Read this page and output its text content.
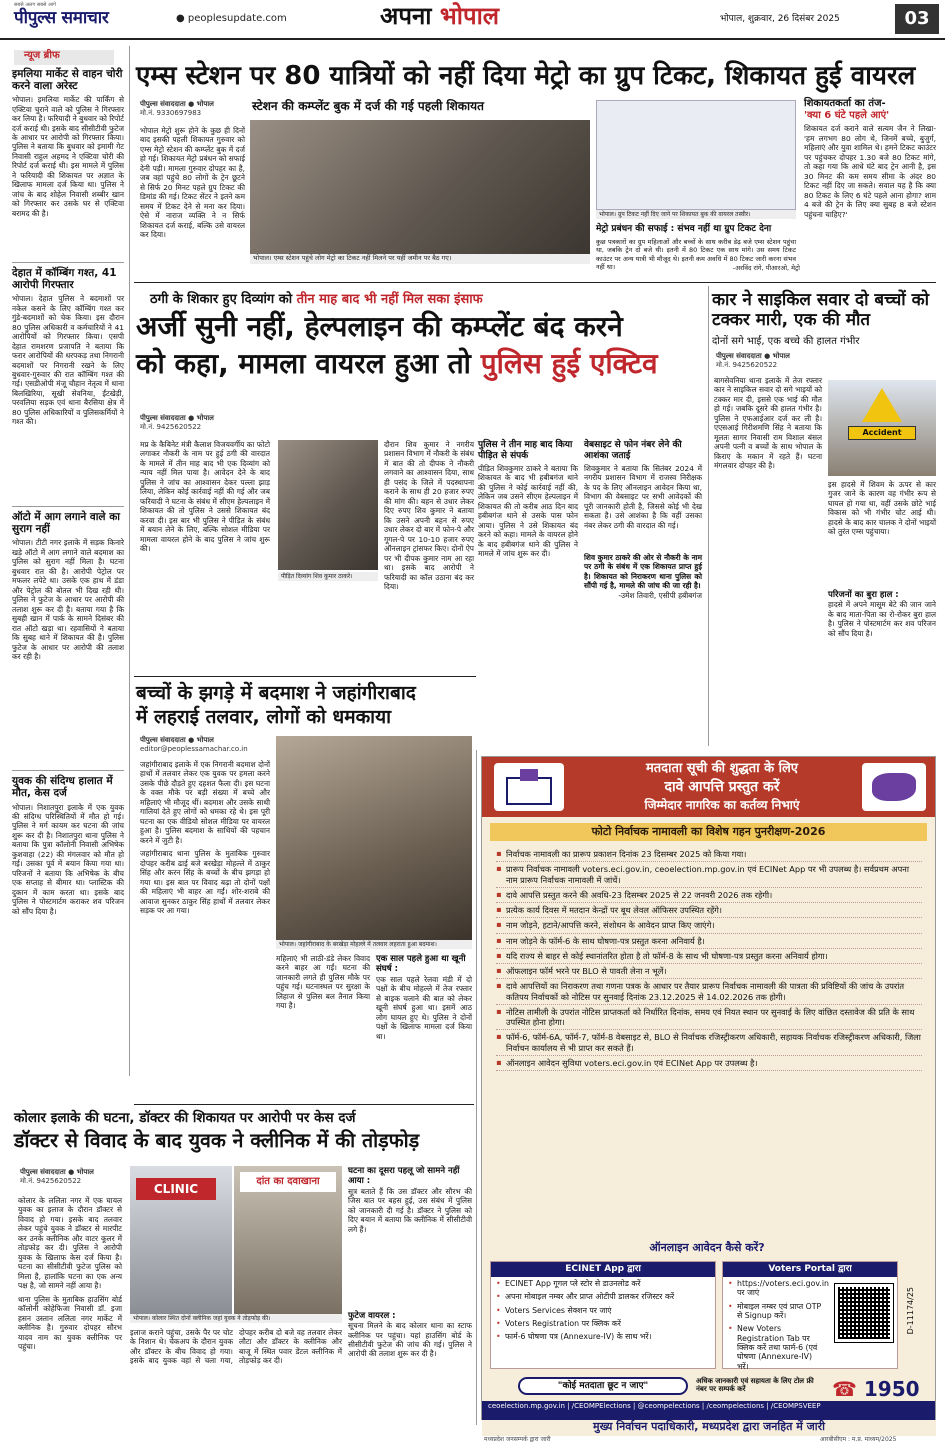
सबसे अलग सबसे आगे
पीपुल्स समाचार	● peoplesupdate.com	अपना भोपाल	भोपाल, शुक्रवार, 26 दिसंबर 2025	03
न्यूज ब्रीफ
इमलिया मार्केट से वाहन चोरी करने वाला अरेस्ट
भोपाल। इमलिया मार्केट की पार्किंग से एक्टिवा चुराने वाले को पुलिस ने गिरफ्तार कर लिया है। फरियादी ने बुधवार को रिपोर्ट दर्ज कराई थी। इसके बाद सीसीटीवी फुटेज के आधार पर आरोपी को गिरफ्तार किया। पुलिस ने बताया कि बुधवार को इमामी गेट निवासी राहुल अहमद ने एक्टिवा चोरी की रिपोर्ट दर्ज कराई थी। इस मामले में पुलिस ने फरियादी की शिकायत पर अज्ञात के खिलाफ मामला दर्ज किया था। पुलिस ने जांच के बाद शोहेल निवासी शब्बीर खान को गिरफ्तार कर उसके घर से एक्टिवा बरामद की है।
देहात में कॉम्बिंग गश्त, 41 आरोपी गिरफ्तार
भोपाल। देहात पुलिस ने बदमाशों पर नकेल कसने के लिए कॉम्बिंग गश्त कर गुंडे-बदमाशों को चेक किया। इस दौरान 80 पुलिस अधिकारी व कर्मचारियों ने 41 आरोपियों को गिरफ्तार किया। एसपी देहात रामशरण प्रजापति ने बताया कि फरार आरोपियों की धरपकड़ तथा निगरानी बदमाशों पर निगरानी रखने के लिए बुधवार-गुरुवार की रात कॉम्बिंग गश्त की गई। एसडीओपी मंजू चौहान नेतृत्व में थाना बिलखिरिया, सूखी सेवनिया, ईंटखेड़ी, परवलिया सड़क एवं थाना बैरसिया क्षेत्र में 80 पुलिस अधिकारियों व पुलिसकर्मियों ने गश्त की।
ऑटो में आग लगाने वाले का सुराग नहीं
भोपाल। टीटी नगर इलाके में सड़क किनारे खड़े ऑटो में आग लगाने वाले बदमाश का पुलिस को सुराग नहीं मिला है। घटना बुधवार रात की है। आरोपी पेट्रोल पर मफलर लपेटे था। उसके एक हाथ में डंडा और पेट्रोल की बोतल भी दिख रही थी। पुलिस ने फुटेज के आधार पर आरोपी की तलाश शुरू कर दी है। बताया गया है कि सुबही खान में पार्क के सामने दिसंबर की रात ऑटो खड़ा था। रहवासियों ने बताया कि सुबह थाने में शिकायत की है। पुलिस फुटेज के आधार पर आरोपी की तलाश कर रही है।
युवक की संदिग्ध हालात में मौत, केस दर्ज
भोपाल। निशातपुरा इलाके में एक युवक की संदिग्ध परिस्थितियों में मौत हो गई। पुलिस ने मर्ग कायम कर घटना की जांच शुरू कर दी है। निशातपुरा थाना पुलिस ने बताया कि पुत्रा कॉलोनी निवासी अभिषेक कुशवाहा (22) की मंगलवार को मौत हो गई। उसका पूर्व में बयान किया गया था। परिजनों ने बताया कि अभिषेक के बीच एक सप्ताह से बीमार था। प्लास्टिक की दुकान में काम करता था। इसके बाद पुलिस ने पोस्टमार्टम कराकर शव परिजन को सौंप दिया है।
एम्स स्टेशन पर 80 यात्रियों को नहीं दिया मेट्रो का ग्रुप टिकट, शिकायत हुई वायरल
पीपुल्स संवाददाता ● भोपाल
मो.नं. 9330697983	स्टेशन की कम्प्लेंट बुक में दर्ज की गई पहली शिकायत
भोपाल मेट्रो शुरू होने के कुछ ही दिनों बाद इसकी पहली शिकायत गुरुवार को एम्स मेट्रो स्टेशन की कम्प्लेंट बुक में दर्ज हो गई। शिकायत मेट्रो प्रबंधन को सफाई देनी पड़ी। मामला गुरुवार दोपहर का है, जब वहां पहुंचे 80 लोगों के ट्रेन छूटने से सिर्फ 20 मिनट पहले ग्रुप टिकट की डिमांड की गई। टिकट सेंटर ने इतने कम समय में टिकट देने से मना कर दिया। ऐसे में नाराज व्यक्ति ने न सिर्फ शिकायत दर्ज कराई, बल्कि उसे वायरल कर दिया।
भोपाल। एम्स स्टेशन पहुंचे लोग मेट्रो का टिकट नहीं मिलने पर यहीं जमीन पर बैठ गए।
भोपाल। ग्रुप टिकट नहीं दिए जाने पर शिकायत बुक की वायरल तस्वीर।
मेट्रो प्रबंधन की सफाई : संभव नहीं था ग्रुप टिकट देना
कुछ पत्रकारों का ग्रुप महिलाओं और बच्चों के साथ करीब डेढ़ बजे एम्स स्टेशन पहुंचा था, जबकि ट्रेन दो बजे थी। इतनी में 80 टिकट एक साथ मांगे। उस समय टिकट काउंटर पर अन्य यात्री भी मौजूद थे। इतनी कम अवधि में 80 टिकट जारी करना संभव नहीं था।	-अरविंद रांगे, पीआरओ, मेट्रो
शिकायतकर्ता का तंज-
'क्या 6 घंटे पहले आएं'
शिकायत दर्ज कराने वाले सत्यम जैन ने लिखा- 'हम लगभग 80 लोग थे, जिनमें बच्चे, बुजुर्ग, महिलाएं और युवा शामिल थे। हमने टिकट काउंटर पर पहुंचकर दोपहर 1.30 बजे 80 टिकट मांगे, तो कहा गया कि आधे घंटे बाद ट्रेन आनी है, इस 30 मिनट की कम समय सीमा के अंदर 80 टिकट नहीं दिए जा सकते। सवाल यह है कि क्या 80 टिकट के लिए 6 घंटे पहले आना होगा? शाम 4 बजे की ट्रेन के लिए क्या सुबह 8 बजे स्टेशन पहुंचना चाहिए?'
ठगी के शिकार हुए दिव्यांग को तीन माह बाद भी नहीं मिल सका इंसाफ
अर्जी सुनी नहीं, हेल्पलाइन की कम्प्लेंट बंद करने
को कहा, मामला वायरल हुआ तो पुलिस हुई एक्टिव
पीपुल्स संवाददाता ● भोपाल
मो.नं. 9425620522
मप्र के कैबिनेट मंत्री कैलाश विजयवर्गीय का फोटो लगाकर नौकरी के नाम पर हुई ठगी की वारदात के मामले में तीन माह बाद भी एक दिव्यांग को न्याय नहीं मिल पाया है। आवेदन देने के बाद पुलिस ने जांच का आश्वासन देकर पल्ला झाड़ लिया, लेकिन कोई कार्रवाई नहीं की गई और जब फरियादी ने घटना के संबंध में सीएम हेल्पलाइन में शिकायत की तो पुलिस ने उससे शिकायत बंद करवा दी। इस बार भी पुलिस ने पीड़ित के संबंध में बयान लेने के लिए, बल्कि सोशल मीडिया पर मामला वायरल होने के बाद पुलिस ने जांच शुरू की।
पीड़ित दिव्यांग शिव कुमार ठाकरे।
दौरान शिव कुमार ने नगरीय प्रशासन विभाग में नौकरी के संबंध में बात की तो दीपक ने नौकरी लगवाने का आश्वासन दिया, साथ ही पसंद के जिले में पदस्थापना कराने के साथ ही 20 हजार रुपए की मांग की। बहन से उधार लेकर दिए रुपए शिव कुमार ने बताया कि उसने अपनी बहन से रुपए उधार लेकर दो बार में फोन-पे और गूगल-पे पर 10-10 हजार रुपए ऑनलाइन ट्रांसफर किए। दोनों ऐप पर भी दीपक कुमार नाम आ रहा था। इसके बाद आरोपी ने फरियादी का कॉल उठाना बंद कर दिया।
पुलिस ने तीन माह बाद किया पीड़ित से संपर्क
पीड़ित शिवकुमार ठाकरे ने बताया कि शिकायत के बाद भी हबीबगंज थाने की पुलिस ने कोई कार्रवाई नहीं की, लेकिन जब उसने सीएम हेल्पलाइन में शिकायत की तो करीब आठ दिन बाद हबीबगंज थाने से उसके पास फोन आया। पुलिस ने उसे शिकायत बंद करने को कहा। मामले के वायरल होने के बाद हबीबगंज थाने की पुलिस ने मामले में जांच शुरू कर दी।
वेबसाइट से फोन नंबर लेने की आशंका जताई
शिवकुमार ने बताया कि सितंबर 2024 में नगरीय प्रशासन विभाग में राजस्व निरीक्षक के पद के लिए ऑनलाइन आवेदन किया था, विभाग की वेबसाइट पर सभी आवेदकों की पूरी जानकारी होती है, जिससे कोई भी देख सकता है। उसे आशंका है कि वहीं उसका नंबर लेकर ठगी की वारदात की गई।
शिव कुमार ठाकरे की ओर से नौकरी के नाम पर ठगी के संबंध में एक शिकायत प्राप्त हुई है। शिकायत को निराकरण थाना पुलिस को सौंपी गई है, मामले की जांच की जा रही है।
-उमेश तिवारी, एसीपी हबीबगंज
कार ने साइकिल सवार दो बच्चों को टक्कर मारी, एक की मौत
दोनों सगे भाई, एक बच्चे की हालत गंभीर
पीपुल्स संवाददाता ● भोपाल
मो.नं. 9425620522
बागसेवनिया थाना इलाके में तेज रफ्तार कार ने साइकिल सवार दो सगे भाइयों को टक्कर मार दी, इससे एक भाई की मौत हो गई। जबकि दूसरे की हालत गंभीर है। पुलिस ने एफआईआर दर्ज कर ली है। एएसआई गिरीशमणि सिंह ने बताया कि मूलतः सागर निवासी राम विशाल बंसल अपनी पत्नी व बच्चों के साथ भोपाल के किराए के मकान में रहते हैं। घटना मंगलवार दोपहर की है।
Accident
इस हादसे में शिवम के ऊपर से कार गुजर जाने के कारण वह गंभीर रूप से घायल हो गया था, वहीं उसके छोटे भाई विकास को भी गंभीर चोट आई थी। हादसे के बाद कार चालक ने दोनों भाइयों को तुरंत एम्स पहुंचाया।
परिजनों का बुरा हाल :
हादसे में अपने मासूम बेटे की जान जाने के बाद माता-पिता का रो-रोकर बुरा हाल है। पुलिस ने पोस्टमार्टम कर शव परिजन को सौंप दिया है।
बच्चों के झगड़े में बदमाश ने जहांगीराबाद
में लहराई तलवार, लोगों को धमकाया
पीपुल्स संवाददाता ● भोपाल
editor@peoplessamachar.co.in
जहांगीराबाद इलाके में एक निगरानी बदमाश दोनों हाथों में तलवार लेकर एक युवक पर हमला करने उसके पीछे दौड़ते हुए दहशत फैला दी। इस घटना के वक्त मौके पर बड़ी संख्या में बच्चे और महिलाएं भी मौजूद थीं। बदमाश और उसके साथी गालियां देते हुए लोगों को धमका रहे थे। इस पूरी घटना का एक वीडियो सोशल मीडिया पर वायरल हुआ है। पुलिस बदमाश के साथियों की पहचान करने में जुटी है।
जहांगीराबाद थाना पुलिस के मुताबिक गुरुवार दोपहर करीब ढाई बजे बरखेड़ा मोहल्ले में ठाकुर सिंह और करन सिंह के बच्चों के बीच झगड़ा हो गया था। इस बात पर विवाद बढ़ा तो दोनों पक्षों की महिलाएं भी बाहर आ गईं। शोर-शराबे की आवाज सुनकर ठाकुर सिंह हाथों में तलवार लेकर सड़क पर आ गया।
भोपाल। जहांगीराबाद के बरखेड़ा मोहल्ले में तलवार लहराता हुआ बदमाश।
महिलाएं भी लाठी-डंडे लेकर विवाद करने बाहर आ गईं। घटना की जानकारी लगते ही पुलिस मौके पर पहुंच गई। घटनास्थल पर सुरक्षा के लिहाज से पुलिस बल तैनात किया गया है।
एक साल पहले हुआ था खूनी संघर्ष :
एक साल पहले रेलवा मंडी में दो पक्षों के बीच मोहल्ले में तेज रफ्तार से बाइक चलाने की बात को लेकर खूनी संघर्ष हुआ था। इसमें आठ लोग घायल हुए थे। पुलिस ने दोनों पक्षों के खिलाफ मामला दर्ज किया था।
कोलार इलाके की घटना, डॉक्टर की शिकायत पर आरोपी पर केस दर्ज
डॉक्टर से विवाद के बाद युवक ने क्लीनिक में की तोड़फोड़
पीपुल्स संवाददाता ● भोपाल
मो.नं. 9425620522
कोलार के ललिता नगर में एक घायल युवक का इलाज के दौरान डॉक्टर से विवाद हो गया। इसके बाद तलवार लेकर पहुंचे युवक ने डॉक्टर से मारपीट कर उनके क्लीनिक और वाटर कूलर में तोड़फोड़ कर दी। पुलिस ने आरोपी युवक के खिलाफ केस दर्ज किया है। घटना का सीसीटीवी फुटेज पुलिस को मिला है, हालांकि घटना का एक अन्य पक्ष है, जो सामने नहीं आया है।
थाना पुलिस के मुताबिक हाउसिंग बोर्ड कॉलोनी कोहेफिजा निवासी डॉ. इजा हसन उस्तान ललिता नगर मार्केट में क्लीनिक है। गुरुवार दोपहर सौरभ यादव नाम का युवक क्लीनिक पर पहुंचा।
CLINIC
दांत का दवाखाना
भोपाल। कोलार स्थित दोनों क्लीनिक जहां युवक ने तोड़फोड़ की।
इलाज कराने पहुंचा, उसके पैर पर चोट के निशान थे। चेकअप के दौरान युवक और डॉक्टर के बीच विवाद हो गया। इसके बाद युवक वहां से चला गया, दोपहर करीब दो बजे वह तलवार लेकर लौटा और डॉक्टर के क्लीनिक और बाजू में स्थित पवार डेंटल क्लीनिक में तोड़फोड़ कर दी।
घटना का दूसरा पहलू जो सामने नहीं आया :
सूत्र बताते हैं कि उस डॉक्टर और सौरभ की जिस बात पर बहस हुई, उस संबंध में पुलिस को जानकारी दी गई है। डॉक्टर ने पुलिस को दिए बयान में बताया कि क्लीनिक में सीसीटीवी लगे हैं।
फुटेज वायरल :
सूचना मिलने के बाद कोलार थाना का स्टाफ क्लीनिक पर पहुंचा। यहां हाउसिंग बोर्ड के सीसीटीवी फुटेज की जांच की गई। पुलिस ने आरोपी की तलाश शुरू कर दी है।
मतदाता सूची की शुद्धता के लिए
दावे आपत्ति प्रस्तुत करें
जिम्मेदार नागरिक का कर्तव्य निभाएं
फोटो निर्वाचक नामावली का विशेष गहन पुनरीक्षण-2026
▪ निर्वाचक नामावली का प्रारूप प्रकाशन दिनांक 23 दिसम्बर 2025 को किया गया।
▪ प्रारूप निर्वाचक नामावली voters.eci.gov.in, ceoelection.mp.gov.in एवं ECINet App पर भी उपलब्ध है। सर्वप्रथम अपना नाम प्रारूप निर्वाचक नामावली में जांचें।
▪ दावे आपत्ति प्रस्तुत करने की अवधि-23 दिसम्बर 2025 से 22 जनवरी 2026 तक रहेगी।
▪ प्रत्येक कार्य दिवस में मतदान केन्द्रों पर बूथ लेवल ऑफिसर उपस्थित रहेंगे।
▪ नाम जोड़ने, हटाने/आपत्ति करने, संशोधन के आवेदन प्राप्त किए जाएंगे।
▪ नाम जोड़ने के फॉर्म-6 के साथ घोषणा-पत्र प्रस्तुत करना अनिवार्य है।
▪ यदि राज्य से बाहर से कोई स्थानांतरित होता है तो फॉर्म-8 के साथ भी घोषणा-पत्र प्रस्तुत करना अनिवार्य होगा।
▪ ऑफलाइन फॉर्म भरने पर BLO से पावती लेना न भूलें।
▪ दावे आपत्तियों का निराकरण तथा गणना पत्रक के आधार पर तैयार प्रारूप निर्वाचक नामावली की पात्रता की प्रविष्टियों की जांच के उपरांत कतिपय निर्वाचकों को नोटिस पर सुनवाई दिनांक 23.12.2025 से 14.02.2026 तक होगी।
▪ नोटिस तामीली के उपरांत नोटिस प्राप्तकर्ता को निर्धारित दिनांक, समय एवं नियत स्थान पर सुनवाई के लिए वांछित दस्तावेज की प्रति के साथ उपस्थित होना होगा।
▪ फॉर्म-6, फॉर्म-6A, फॉर्म-7, फॉर्म-8 वेबसाइट से, BLO से निर्वाचक रजिस्ट्रीकरण अधिकारी, सहायक निर्वाचक रजिस्ट्रीकरण अधिकारी, जिला निर्वाचन कार्यालय से भी प्राप्त कर सकते हैं।
▪ ऑनलाइन आवेदन सुविधा voters.eci.gov.in एवं ECINet App पर उपलब्ध है।
ऑनलाइन आवेदन कैसे करें?
ECINET App द्वारा
• ECINET App गूगल प्ले स्टोर से डाउनलोड करें
• अपना मोबाइल नम्बर और प्राप्त ओटीपी डालकर रजिस्टर करें
• Voters Services सेक्शन पर जाएं
• Voters Registration पर क्लिक करें
• फार्म-6 घोषणा पत्र (Annexure-IV) के साथ भरें।
Voters Portal द्वारा
• https://voters.eci.gov.in पर जाएं
• मोबाइल नम्बर एवं प्राप्त OTP से Signup करें।
• New Voters Registration Tab पर क्लिक करें तथा फार्म-6 (एवं घोषणा (Annexure-IV) भरें।
D-11174/25
"कोई मतदाता छूट न जाए"	अधिक जानकारी एवं सहायता के लिए टोल फ्री नंबर पर सम्पर्क करें	☎ 1950
ceoelection.mp.gov.in | /CEOMPElections | @ceompelections | /ceompelections | /CEOMPSVEEP
मुख्य निर्वाचन पदाधिकारी, मध्यप्रदेश द्वारा जनहित में जारी
मध्यप्रदेश जनसम्पर्क द्वारा जारी	आरबीसीएम : म.प्र. माध्यम/2025
